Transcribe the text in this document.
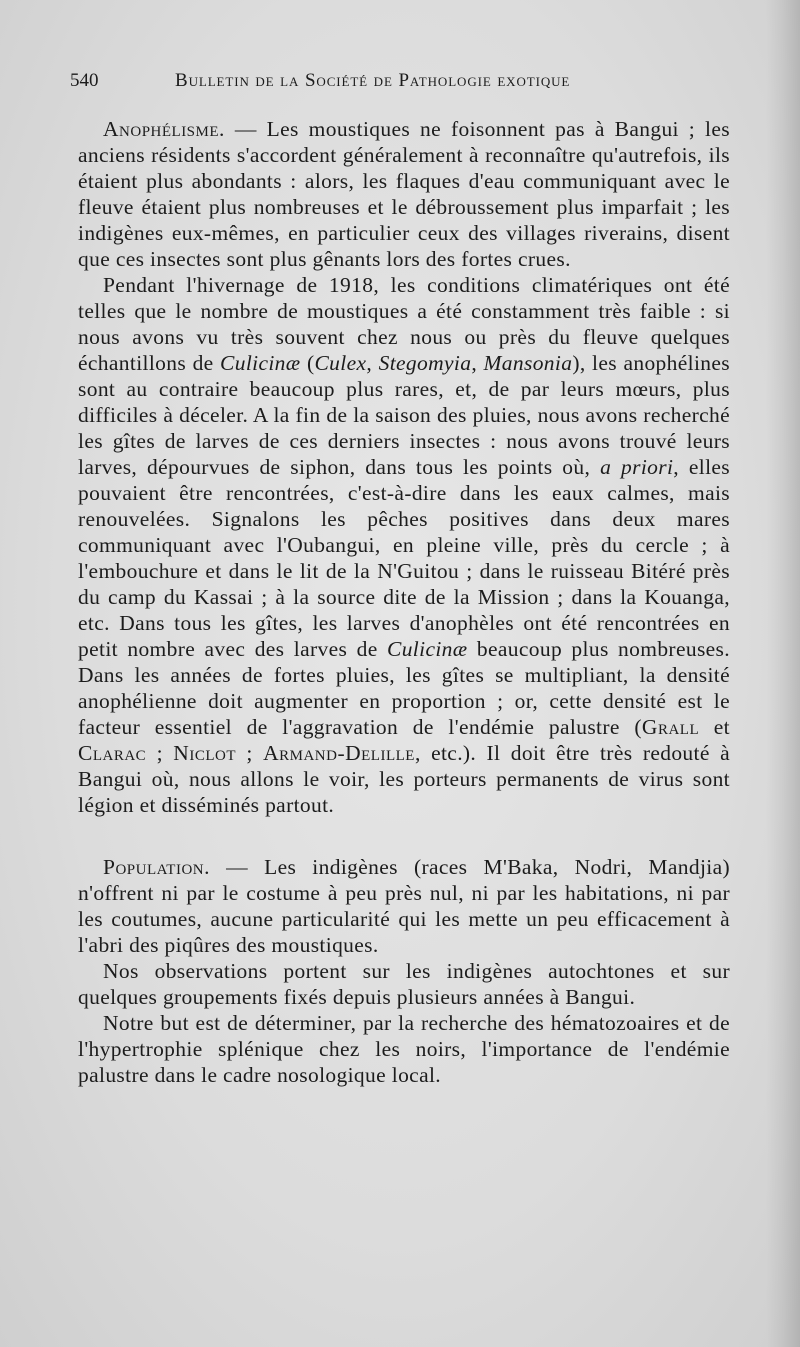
540	Bulletin de la Société de Pathologie exotique

Anophélisme. — Les moustiques ne foisonnent pas à Bangui ; les anciens résidents s'accordent généralement à reconnaître qu'autrefois, ils étaient plus abondants : alors, les flaques d'eau communiquant avec le fleuve étaient plus nombreuses et le débroussement plus imparfait ; les indigènes eux-mêmes, en particulier ceux des villages riverains, disent que ces insectes sont plus gênants lors des fortes crues.

Pendant l'hivernage de 1918, les conditions climatériques ont été telles que le nombre de moustiques a été constamment très faible : si nous avons vu très souvent chez nous ou près du fleuve quelques échantillons de Culicinæ (Culex, Stegomyia, Mansonia), les anophélines sont au contraire beaucoup plus rares, et, de par leurs mœurs, plus difficiles à déceler. A la fin de la saison des pluies, nous avons recherché les gîtes de larves de ces derniers insectes : nous avons trouvé leurs larves, dépourvues de siphon, dans tous les points où, a priori, elles pouvaient être rencontrées, c'est-à-dire dans les eaux calmes, mais renouvelées. Signalons les pêches positives dans deux mares communiquant avec l'Oubangui, en pleine ville, près du cercle ; à l'embouchure et dans le lit de la N'Guitou ; dans le ruisseau Bitéré près du camp du Kassai ; à la source dite de la Mission ; dans la Kouanga, etc. Dans tous les gîtes, les larves d'anophèles ont été rencontrées en petit nombre avec des larves de Culicinæ beaucoup plus nombreuses. Dans les années de fortes pluies, les gîtes se multipliant, la densité anophélienne doit augmenter en proportion ; or, cette densité est le facteur essentiel de l'aggravation de l'endémie palustre (Grall et Clarac ; Niclot ; Armand-Delille, etc.). Il doit être très redouté à Bangui où, nous allons le voir, les porteurs permanents de virus sont légion et disséminés partout.

Population. — Les indigènes (races M'Baka, Nodri, Mandjia) n'offrent ni par le costume à peu près nul, ni par les habitations, ni par les coutumes, aucune particularité qui les mette un peu efficacement à l'abri des piqûres des moustiques.

Nos observations portent sur les indigènes autochtones et sur quelques groupements fixés depuis plusieurs années à Bangui.

Notre but est de déterminer, par la recherche des hématozoaires et de l'hypertrophie splénique chez les noirs, l'importance de l'endémie palustre dans le cadre nosologique local.
